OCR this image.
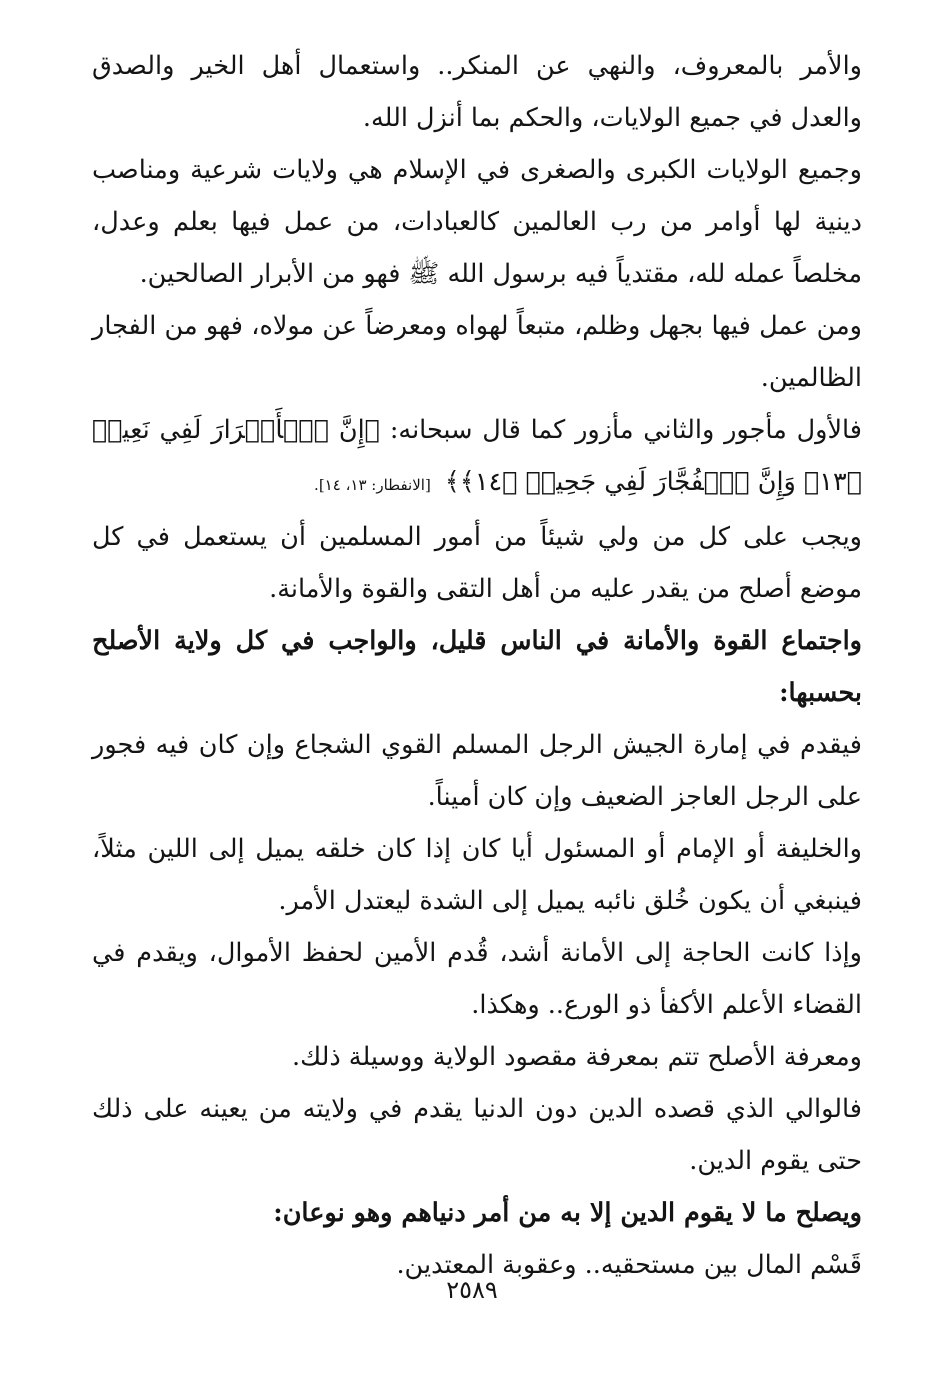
والأمر بالمعروف، والنهي عن المنكر.. واستعمال أهل الخير والصدق والعدل في جميع الولايات، والحكم بما أنزل الله.

وجميع الولايات الكبرى والصغرى في الإسلام هي ولايات شرعية ومناصب دينية لها أوامر من رب العالمين كالعبادات، من عمل فيها بعلم وعدل، مخلصاً عمله لله، مقتدياً فيه برسول الله ﷺ فهو من الأبرار الصالحين.

ومن عمل فيها بجهل وظلم، متبعاً لهواه ومعرضاً عن مولاه، فهو من الفجار الظالمين.

فالأول مأجور والثاني مأزور كما قال سبحانه: ﴿إِنَّ ٱلۡأَبۡرَارَ لَفِي نَعِيمٖ ﴿١٣﴾ وَإِنَّ ٱلۡفُجَّارَ لَفِي جَحِيمٖ ﴿١٤﴾﴾ [الانفطار: ١٣، ١٤].

ويجب على كل من ولي شيئاً من أمور المسلمين أن يستعمل في كل موضع أصلح من يقدر عليه من أهل التقى والقوة والأمانة.

واجتماع القوة والأمانة في الناس قليل، والواجب في كل ولاية الأصلح بحسبها:

فيقدم في إمارة الجيش الرجل المسلم القوي الشجاع وإن كان فيه فجور على الرجل العاجز الضعيف وإن كان أميناً.

والخليفة أو الإمام أو المسئول أيا كان إذا كان خلقه يميل إلى اللين مثلاً، فينبغي أن يكون خُلق نائبه يميل إلى الشدة ليعتدل الأمر.

وإذا كانت الحاجة إلى الأمانة أشد، قُدم الأمين لحفظ الأموال، ويقدم في القضاء الأعلم الأكفأ ذو الورع.. وهكذا.

ومعرفة الأصلح تتم بمعرفة مقصود الولاية ووسيلة ذلك.

فالوالي الذي قصده الدين دون الدنيا يقدم في ولايته من يعينه على ذلك حتى يقوم الدين.

ويصلح ما لا يقوم الدين إلا به من أمر دنياهم وهو نوعان:

قَسْم المال بين مستحقيه.. وعقوبة المعتدين.

٢٥٨٩
